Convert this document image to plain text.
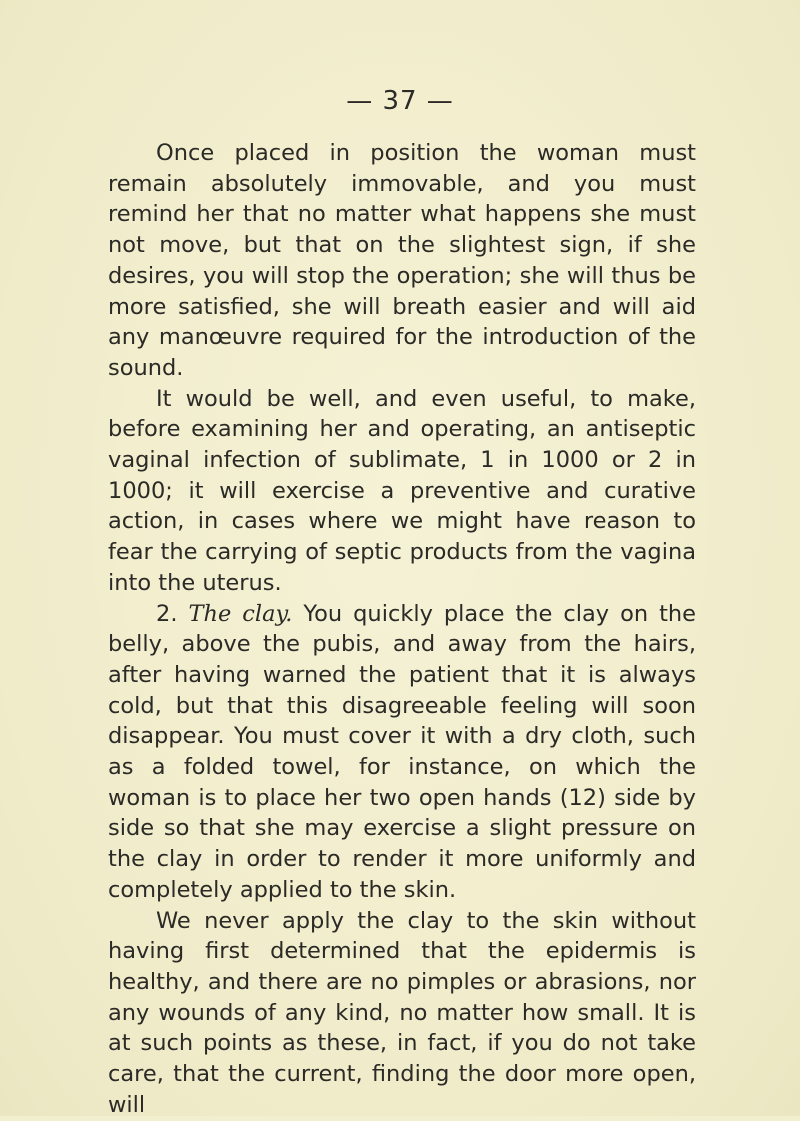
— 37 —

Once placed in position the woman must remain absolutely immovable, and you must remind her that no matter what happens she must not move, but that on the slightest sign, if she desires, you will stop the operation; she will thus be more satisfied, she will breath easier and will aid any manœuvre required for the introduction of the sound.

It would be well, and even useful, to make, before examining her and operating, an antiseptic vaginal infection of sublimate, 1 in 1000 or 2 in 1000; it will exercise a preventive and curative action, in cases where we might have reason to fear the carrying of septic products from the vagina into the uterus.

2. The clay. You quickly place the clay on the belly, above the pubis, and away from the hairs, after having warned the patient that it is always cold, but that this disagreeable feeling will soon disappear. You must cover it with a dry cloth, such as a folded towel, for instance, on which the woman is to place her two open hands (12) side by side so that she may exercise a slight pressure on the clay in order to render it more uniformly and completely applied to the skin.

We never apply the clay to the skin without having first determined that the epidermis is healthy, and there are no pimples or abrasions, nor any wounds of any kind, no matter how small. It is at such points as these, in fact, if you do not take care, that the current, finding the door more open, will
